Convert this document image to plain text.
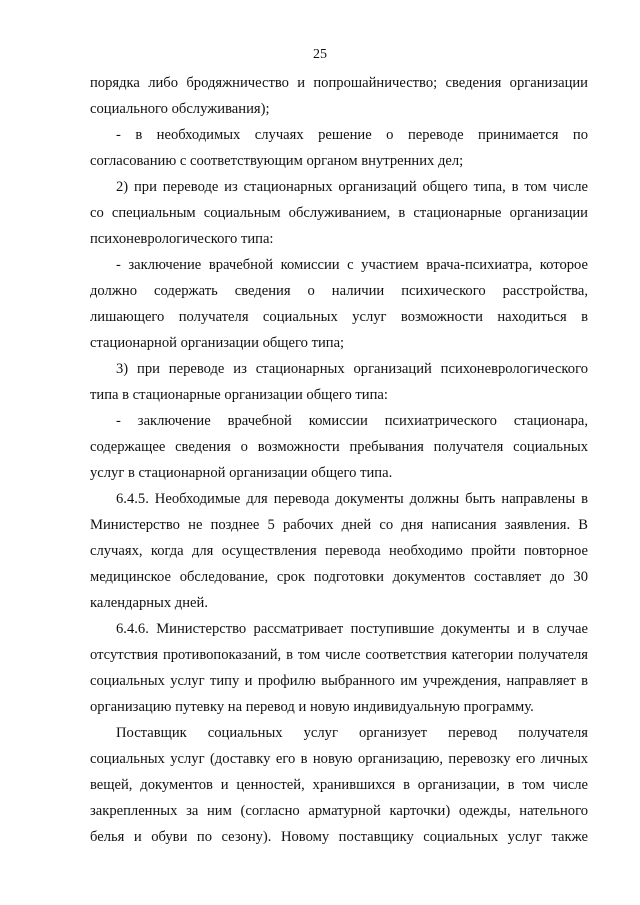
25
порядка либо бродяжничество и попрошайничество; сведения организации
социального обслуживания);
- в необходимых случаях решение о переводе принимается по
согласованию с соответствующим органом внутренних дел;
2) при переводе из стационарных организаций общего типа, в том числе
со специальным социальным обслуживанием, в стационарные организации
психоневрологического типа:
- заключение врачебной комиссии с участием врача-психиатра, которое
должно содержать сведения о наличии психического расстройства,
лишающего получателя социальных услуг возможности находиться в
стационарной организации общего типа;
3) при переводе из стационарных организаций психоневрологического
типа в стационарные организации общего типа:
- заключение врачебной комиссии психиатрического стационара,
содержащее сведения о возможности пребывания получателя социальных
услуг в стационарной организации общего типа.
6.4.5. Необходимые для перевода документы должны быть направлены в
Министерство не позднее 5 рабочих дней со дня написания заявления. В
случаях, когда для осуществления перевода необходимо пройти повторное
медицинское обследование, срок подготовки документов составляет до 30
календарных дней.
6.4.6. Министерство рассматривает поступившие документы и в случае
отсутствия противопоказаний, в том числе соответствия категории получателя
социальных услуг типу и профилю выбранного им учреждения, направляет в
организацию путевку на перевод и новую индивидуальную программу.
Поставщик социальных услуг организует перевод получателя
социальных услуг (доставку его в новую организацию, перевозку его личных
вещей, документов и ценностей, хранившихся в организации, в том числе
закрепленных за ним (согласно арматурной карточки) одежды, нательного
белья и обуви по сезону). Новому поставщику социальных услуг также
